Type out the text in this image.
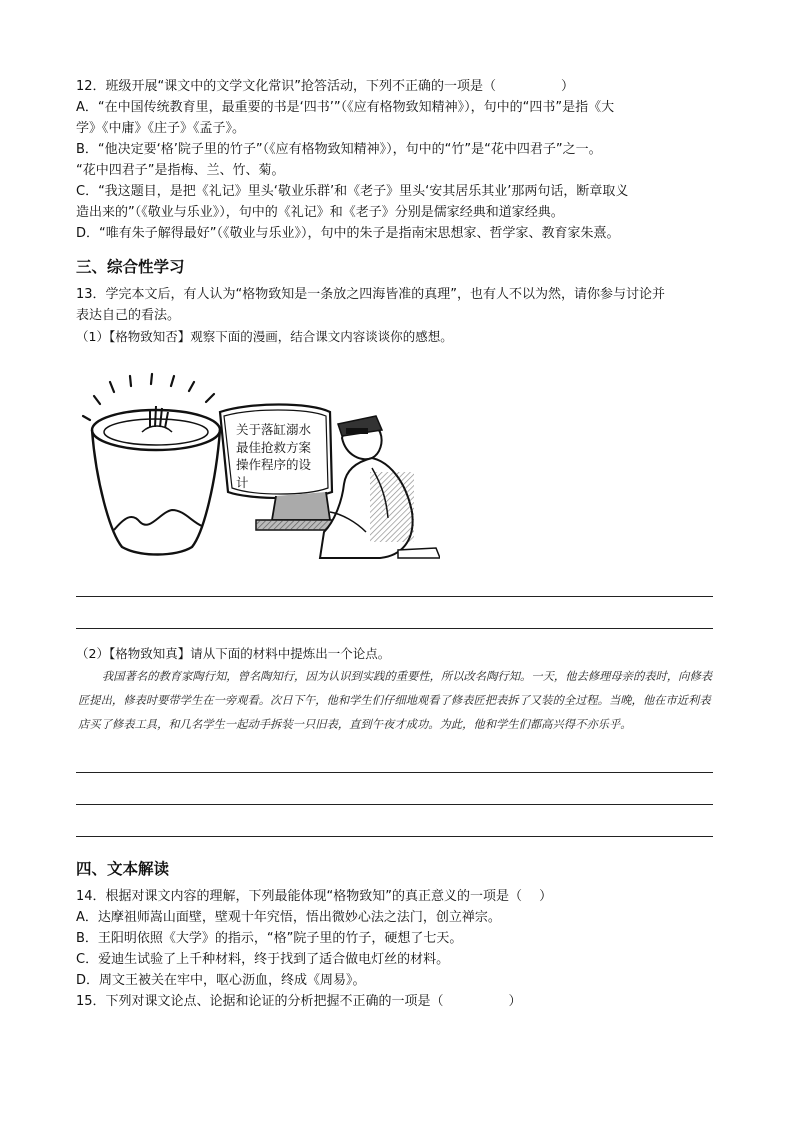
12．班级开展“课文中的文学文化常识”抢答活动，下列不正确的一项是（　　　　　）
A．“在中国传统教育里，最重要的书是‘四书’”（《应有格物致知精神》），句中的“四书”是指《大
学》《中庸》《庄子》《孟子》。
B．“他决定要‘格’院子里的竹子”（《应有格物致知精神》），句中的“竹”是“花中四君子”之一。
“花中四君子”是指梅、兰、竹、菊。
C．“我这题目，是把《礼记》里头‘敬业乐群’和《老子》里头‘安其居乐其业’那两句话，断章取义
造出来的”（《敬业与乐业》），句中的《礼记》和《老子》分别是儒家经典和道家经典。
D．“唯有朱子解得最好”（《敬业与乐业》），句中的朱子是指南宋思想家、哲学家、教育家朱熹。
三、综合性学习
13．学完本文后，有人认为“格物致知是一条放之四海皆准的真理”，也有人不以为然，请你参与讨论并
表达自己的看法。
（1）【格物致知否】观察下面的漫画，结合课文内容谈谈你的感想。
关于落缸溺水最佳抢救方案操作程序的设计
（2）【格物致知真】请从下面的材料中提炼出一个论点。

我国著名的教育家陶行知，曾名陶知行，因为认识到实践的重要性，所以改名陶行知。一天，他去修理母亲的表时，向修表匠提出，修表时要带学生在一旁观看。次日下午，他和学生们仔细地观看了修表匠把表拆了又装的全过程。当晚，他在市近利表店买了修表工具，和几名学生一起动手拆装一只旧表，直到午夜才成功。为此，他和学生们都高兴得不亦乐乎。

四、文本解读
14．根据对课文内容的理解，下列最能体现“格物致知”的真正意义的一项是（　 ）
A．达摩祖师嵩山面壁，壁观十年究悟，悟出微妙心法之法门，创立禅宗。
B．王阳明依照《大学》的指示，“格”院子里的竹子，硬想了七天。
C．爱迪生试验了上千种材料，终于找到了适合做电灯丝的材料。
D．周文王被关在牢中，呕心沥血，终成《周易》。
15．下列对课文论点、论据和论证的分析把握不正确的一项是（　　　　　）
